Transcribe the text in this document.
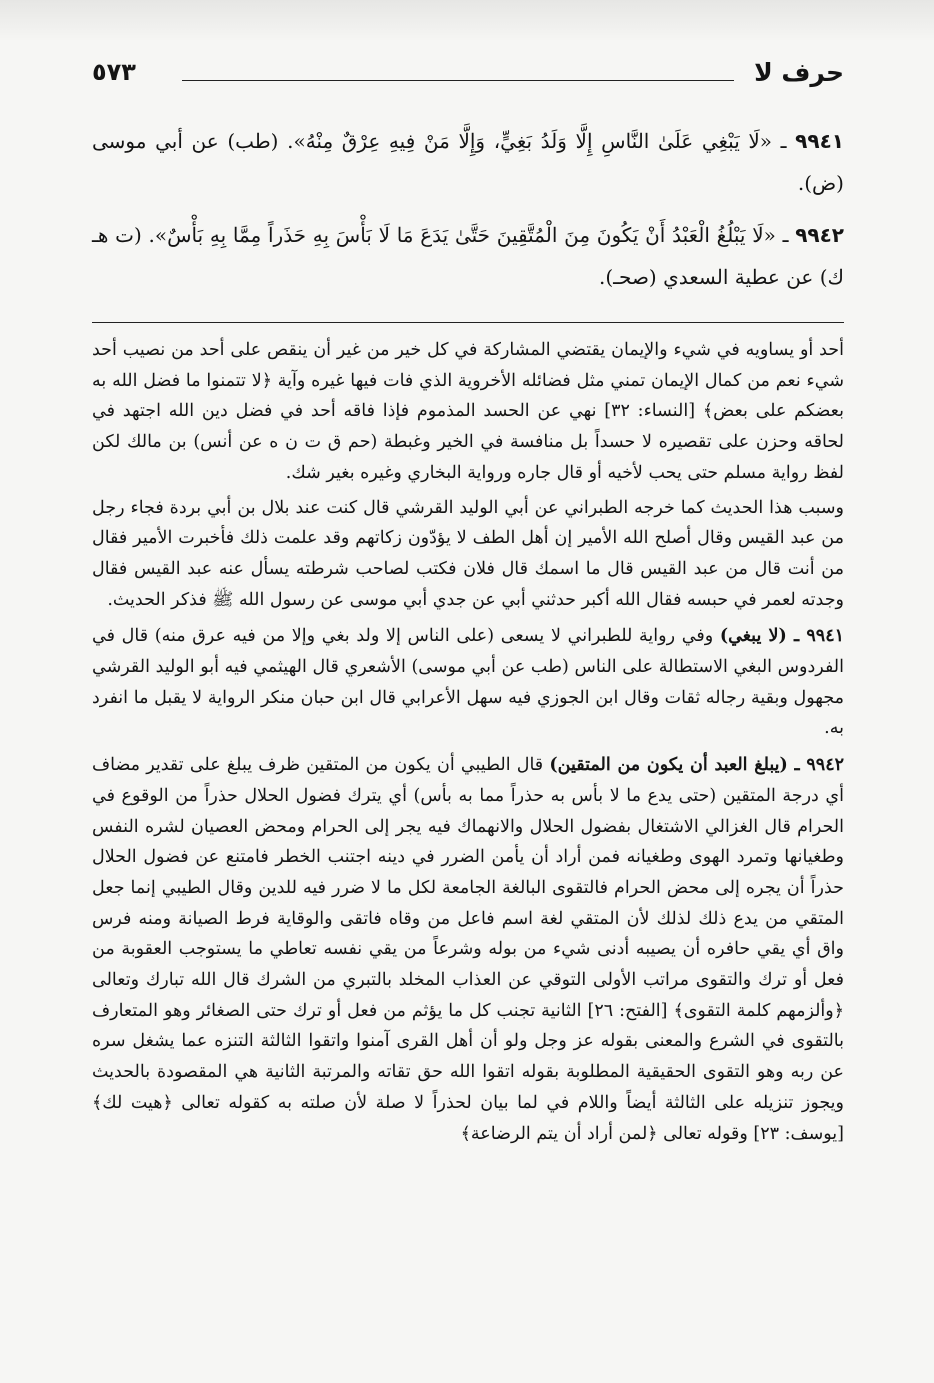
حرف لا
٥٧٣

٩٩٤١ ـ «لَا يَبْغِي عَلَىٰ النَّاسِ إِلَّا وَلَدُ بَغِيٍّ، وَإِلَّا مَنْ فِيهِ عِرْقٌ مِنْهُ». (طب) عن أبي موسى (ض).

٩٩٤٢ ـ «لَا يَبْلُغُ الْعَبْدُ أَنْ يَكُونَ مِنَ الْمُتَّقِينَ حَتَّىٰ يَدَعَ مَا لَا بَأْسَ بِهِ حَذَراً مِمَّا بِهِ بَأْسٌ». (ت هـ ك) عن عطية السعدي (صحـ).

أحد أو يساويه في شيء والإيمان يقتضي المشاركة في كل خير من غير أن ينقص على أحد من نصيب أحد شيء نعم من كمال الإيمان تمني مثل فضائله الأخروية الذي فات فيها غيره وآية ﴿لا تتمنوا ما فضل الله به بعضكم على بعض﴾ [النساء: ٣٢] نهي عن الحسد المذموم فإذا فاقه أحد في فضل دين الله اجتهد في لحاقه وحزن على تقصيره لا حسداً بل منافسة في الخير وغبطة (حم ق ت ن ه عن أنس) بن مالك لكن لفظ رواية مسلم حتى يحب لأخيه أو قال جاره ورواية البخاري وغيره بغير شك.

وسبب هذا الحديث كما خرجه الطبراني عن أبي الوليد القرشي قال كنت عند بلال بن أبي بردة فجاء رجل من عبد القيس وقال أصلح الله الأمير إن أهل الطف لا يؤدّون زكاتهم وقد علمت ذلك فأخبرت الأمير فقال من أنت قال من عبد القيس قال ما اسمك قال فلان فكتب لصاحب شرطته يسأل عنه عبد القيس فقال وجدته لعمر في حبسه فقال الله أكبر حدثني أبي عن جدي أبي موسى عن رسول الله ﷺ فذكر الحديث.

٩٩٤١ ـ (لا يبغي) وفي رواية للطبراني لا يسعى (على الناس إلا ولد بغي وإلا من فيه عرق منه) قال في الفردوس البغي الاستطالة على الناس (طب عن أبي موسى) الأشعري قال الهيثمي فيه أبو الوليد القرشي مجهول وبقية رجاله ثقات وقال ابن الجوزي فيه سهل الأعرابي قال ابن حبان منكر الرواية لا يقبل ما انفرد به.

٩٩٤٢ ـ (يبلغ العبد أن يكون من المتقين) قال الطيبي أن يكون من المتقين ظرف يبلغ على تقدير مضاف أي درجة المتقين (حتى يدع ما لا بأس به حذراً مما به بأس) أي يترك فضول الحلال حذراً من الوقوع في الحرام قال الغزالي الاشتغال بفضول الحلال والانهماك فيه يجر إلى الحرام ومحض العصيان لشره النفس وطغيانها وتمرد الهوى وطغيانه فمن أراد أن يأمن الضرر في دينه اجتنب الخطر فامتنع عن فضول الحلال حذراً أن يجره إلى محض الحرام فالتقوى البالغة الجامعة لكل ما لا ضرر فيه للدين وقال الطيبي إنما جعل المتقي من يدع ذلك لذلك لأن المتقي لغة اسم فاعل من وقاه فاتقى والوقاية فرط الصيانة ومنه فرس واق أي يقي حافره أن يصيبه أدنى شيء من بوله وشرعاً من يقي نفسه تعاطي ما يستوجب العقوبة من فعل أو ترك والتقوى مراتب الأولى التوقي عن العذاب المخلد بالتبري من الشرك قال الله تبارك وتعالى ﴿وألزمهم كلمة التقوى﴾ [الفتح: ٢٦] الثانية تجنب كل ما يؤثم من فعل أو ترك حتى الصغائر وهو المتعارف بالتقوى في الشرع والمعنى بقوله عز وجل ولو أن أهل القرى آمنوا واتقوا الثالثة التنزه عما يشغل سره عن ربه وهو التقوى الحقيقية المطلوبة بقوله اتقوا الله حق تقاته والمرتبة الثانية هي المقصودة بالحديث ويجوز تنزيله على الثالثة أيضاً واللام في لما بيان لحذراً لا صلة لأن صلته به كقوله تعالى ﴿هيت لك﴾ [يوسف: ٢٣] وقوله تعالى ﴿لمن أراد أن يتم الرضاعة﴾
